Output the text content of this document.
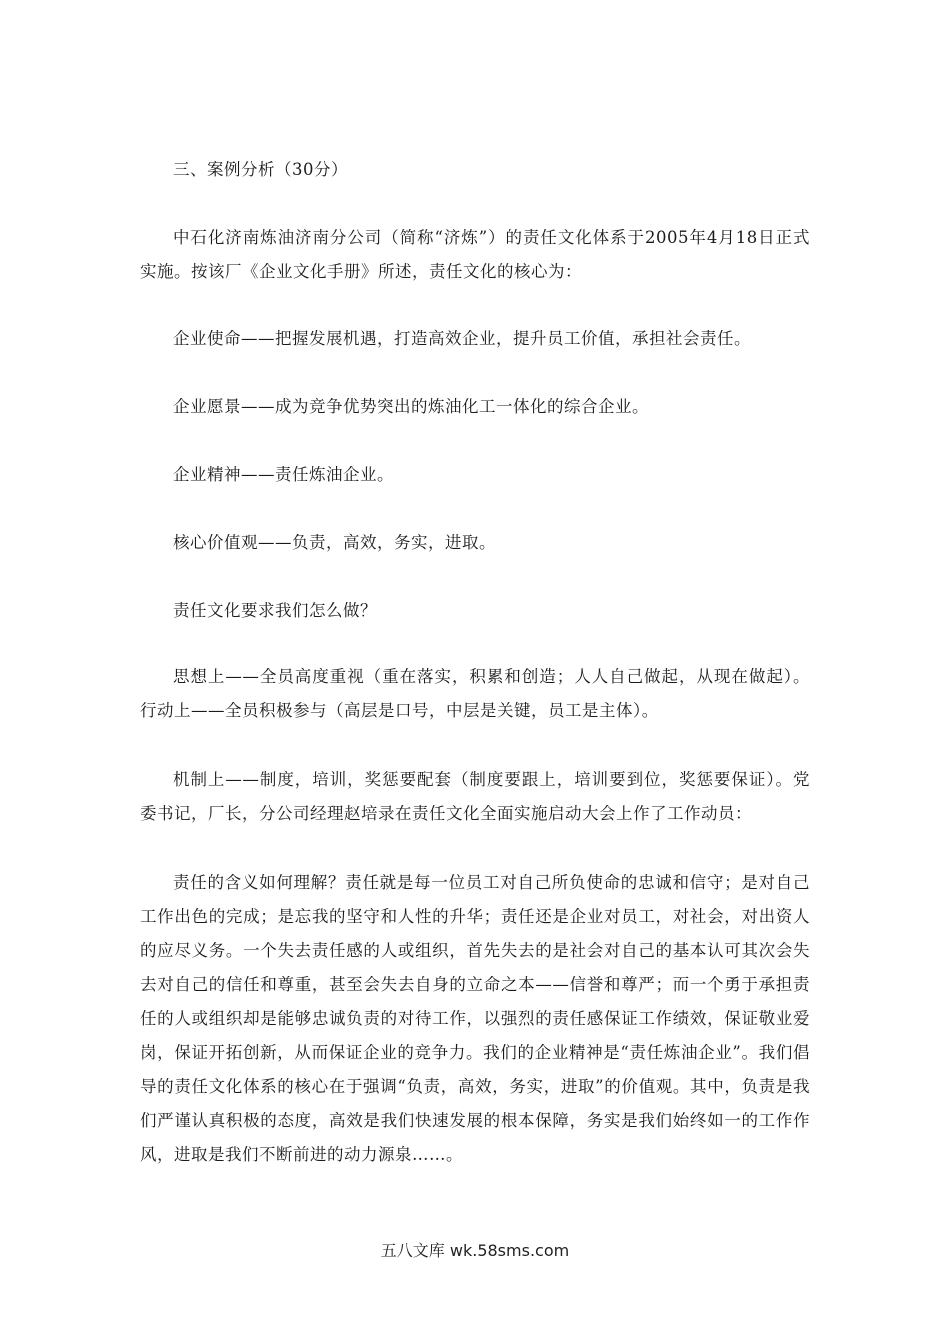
三、案例分析（30分）

中石化济南炼油济南分公司（简称“济炼”）的责任文化体系于2005年4月18日正式实施。按该厂《企业文化手册》所述，责任文化的核心为：

企业使命——把握发展机遇，打造高效企业，提升员工价值，承担社会责任。

企业愿景——成为竞争优势突出的炼油化工一体化的综合企业。

企业精神——责任炼油企业。

核心价值观——负责，高效，务实，进取。

责任文化要求我们怎么做？

思想上——全员高度重视（重在落实，积累和创造；人人自己做起，从现在做起）。行动上——全员积极参与（高层是口号，中层是关键，员工是主体）。

机制上——制度，培训，奖惩要配套（制度要跟上，培训要到位，奖惩要保证）。党委书记，厂长，分公司经理赵培录在责任文化全面实施启动大会上作了工作动员：

责任的含义如何理解？责任就是每一位员工对自己所负使命的忠诚和信守；是对自己工作出色的完成；是忘我的坚守和人性的升华；责任还是企业对员工，对社会，对出资人的应尽义务。一个失去责任感的人或组织，首先失去的是社会对自己的基本认可其次会失去对自己的信任和尊重，甚至会失去自身的立命之本——信誉和尊严；而一个勇于承担责任的人或组织却是能够忠诚负责的对待工作，以强烈的责任感保证工作绩效，保证敬业爱岗，保证开拓创新，从而保证企业的竞争力。我们的企业精神是“责任炼油企业”。我们倡导的责任文化体系的核心在于强调“负责，高效，务实，进取”的价值观。其中，负责是我们严谨认真积极的态度，高效是我们快速发展的根本保障，务实是我们始终如一的工作作风，进取是我们不断前进的动力源泉……。

五八文库 wk.58sms.com
